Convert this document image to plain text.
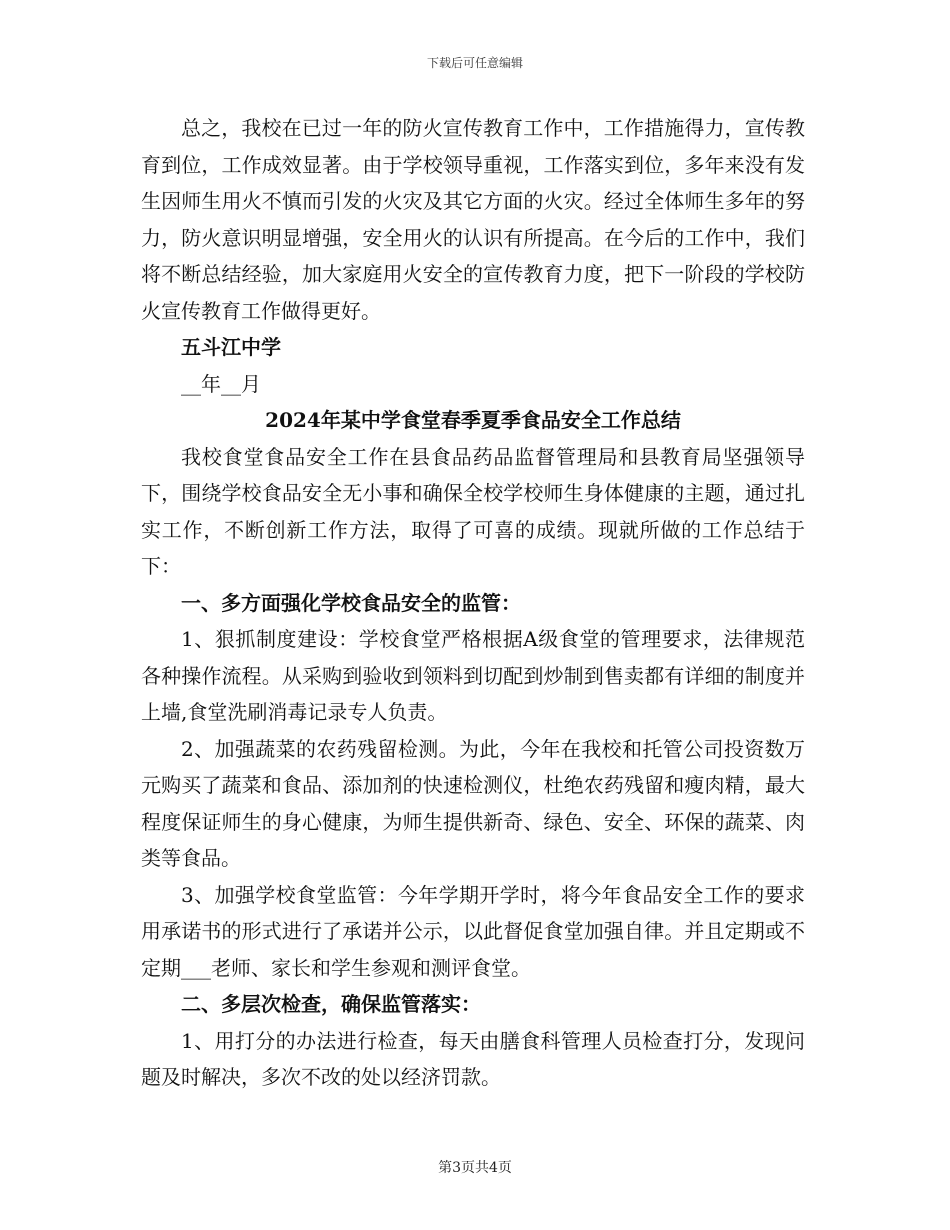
下载后可任意编辑

总之，我校在已过一年的防火宣传教育工作中，工作措施得力，宣传教育到位，工作成效显著。由于学校领导重视，工作落实到位，多年来没有发生因师生用火不慎而引发的火灾及其它方面的火灾。经过全体师生多年的努力，防火意识明显增强，安全用火的认识有所提高。在今后的工作中，我们将不断总结经验，加大家庭用火安全的宣传教育力度，把下一阶段的学校防火宣传教育工作做得更好。

五斗江中学

__年__月

2024年某中学食堂春季夏季食品安全工作总结

我校食堂食品安全工作在县食品药品监督管理局和县教育局坚强领导下，围绕学校食品安全无小事和确保全校学校师生身体健康的主题，通过扎实工作，不断创新工作方法，取得了可喜的成绩。现就所做的工作总结于下：

一、多方面强化学校食品安全的监管：

1、狠抓制度建设：学校食堂严格根据A级食堂的管理要求，法律规范各种操作流程。从采购到验收到领料到切配到炒制到售卖都有详细的制度并上墙,食堂洗刷消毒记录专人负责。

2、加强蔬菜的农药残留检测。为此，今年在我校和托管公司投资数万元购买了蔬菜和食品、添加剂的快速检测仪，杜绝农药残留和瘦肉精，最大程度保证师生的身心健康，为师生提供新奇、绿色、安全、环保的蔬菜、肉类等食品。

3、加强学校食堂监管：今年学期开学时，将今年食品安全工作的要求用承诺书的形式进行了承诺并公示，以此督促食堂加强自律。并且定期或不定期___老师、家长和学生参观和测评食堂。

二、多层次检查，确保监管落实：

1、用打分的办法进行检查，每天由膳食科管理人员检查打分，发现问题及时解决，多次不改的处以经济罚款。

第3页共4页
